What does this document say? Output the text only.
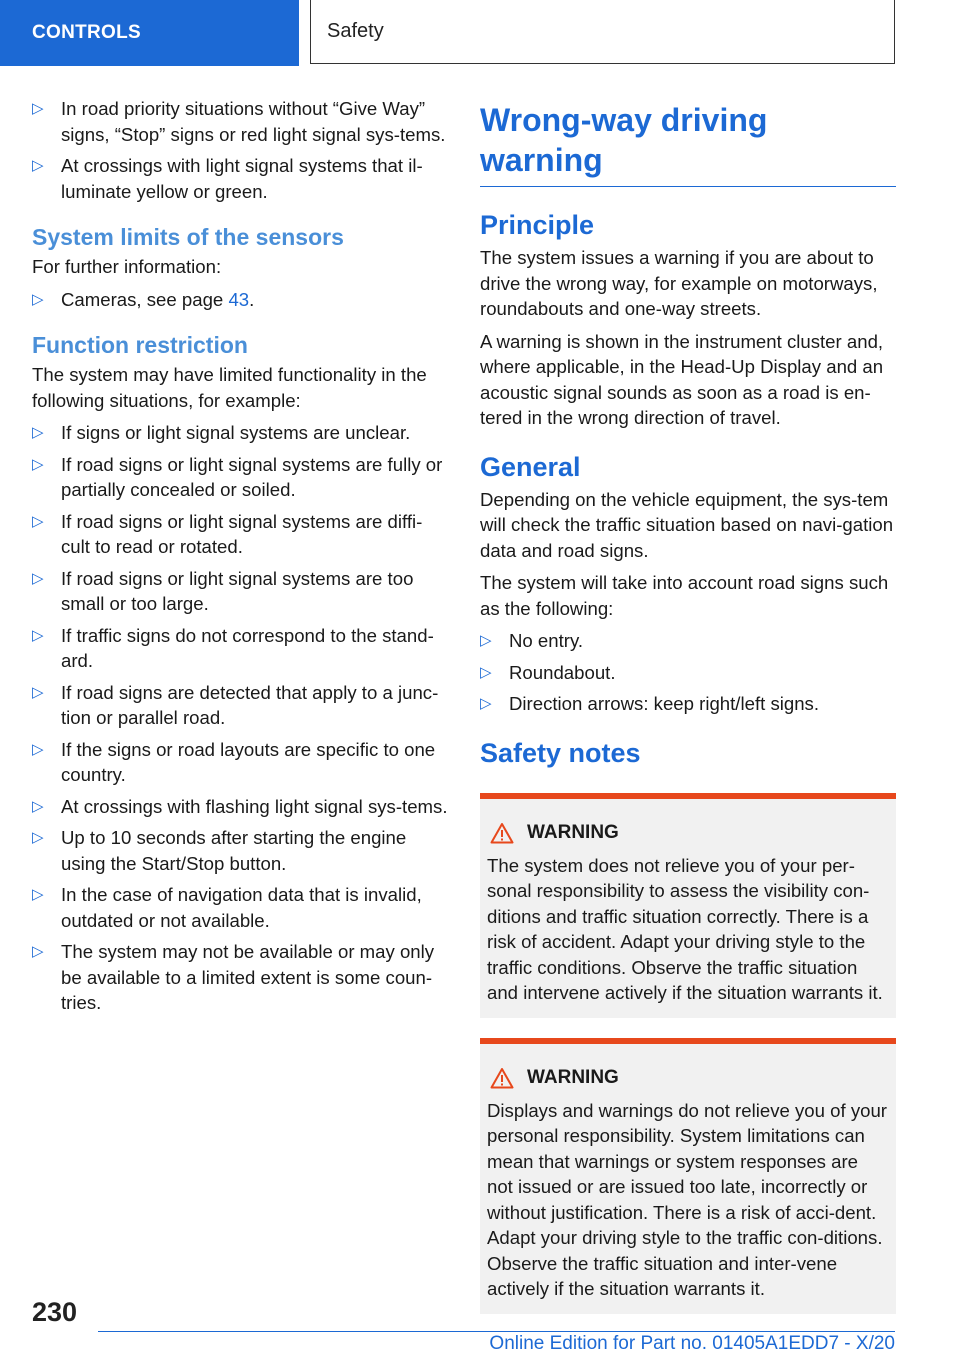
CONTROLS	Safety
▷ In road priority situations without “Give Way” signs, “Stop” signs or red light signal sys-tems.
▷ At crossings with light signal systems that il-luminate yellow or green.
System limits of the sensors

For further information:

▷ Cameras, see page 43.
Function restriction

The system may have limited functionality in the following situations, for example:

▷ If signs or light signal systems are unclear.
▷ If road signs or light signal systems are fully or partially concealed or soiled.
▷ If road signs or light signal systems are diffi-cult to read or rotated.
▷ If road signs or light signal systems are too small or too large.
▷ If traffic signs do not correspond to the stand-ard.
▷ If road signs are detected that apply to a junc-tion or parallel road.
▷ If the signs or road layouts are specific to one country.
▷ At crossings with flashing light signal sys-tems.
▷ Up to 10 seconds after starting the engine using the Start/Stop button.
▷ In the case of navigation data that is invalid, outdated or not available.
▷ The system may not be available or may only be available to a limited extent is some coun-tries.
Wrong-way driving warning
Principle

The system issues a warning if you are about to drive the wrong way, for example on motorways, roundabouts and one-way streets.

A warning is shown in the instrument cluster and, where applicable, in the Head-Up Display and an acoustic signal sounds as soon as a road is en-tered in the wrong direction of travel.

General

Depending on the vehicle equipment, the sys-tem will check the traffic situation based on navi-gation data and road signs.

The system will take into account road signs such as the following:

▷ No entry.
▷ Roundabout.
▷ Direction arrows: keep right/left signs.
Safety notes
WARNING

The system does not relieve you of your per-sonal responsibility to assess the visibility con-ditions and traffic situation correctly. There is a risk of accident. Adapt your driving style to the traffic conditions. Observe the traffic situation and intervene actively if the situation warrants it.

WARNING

Displays and warnings do not relieve you of your personal responsibility. System limitations can mean that warnings or system responses are not issued or are issued too late, incorrectly or without justification. There is a risk of acci-dent. Adapt your driving style to the traffic con-ditions. Observe the traffic situation and inter-vene actively if the situation warrants it.

230
Online Edition for Part no. 01405A1EDD7 - X/20
